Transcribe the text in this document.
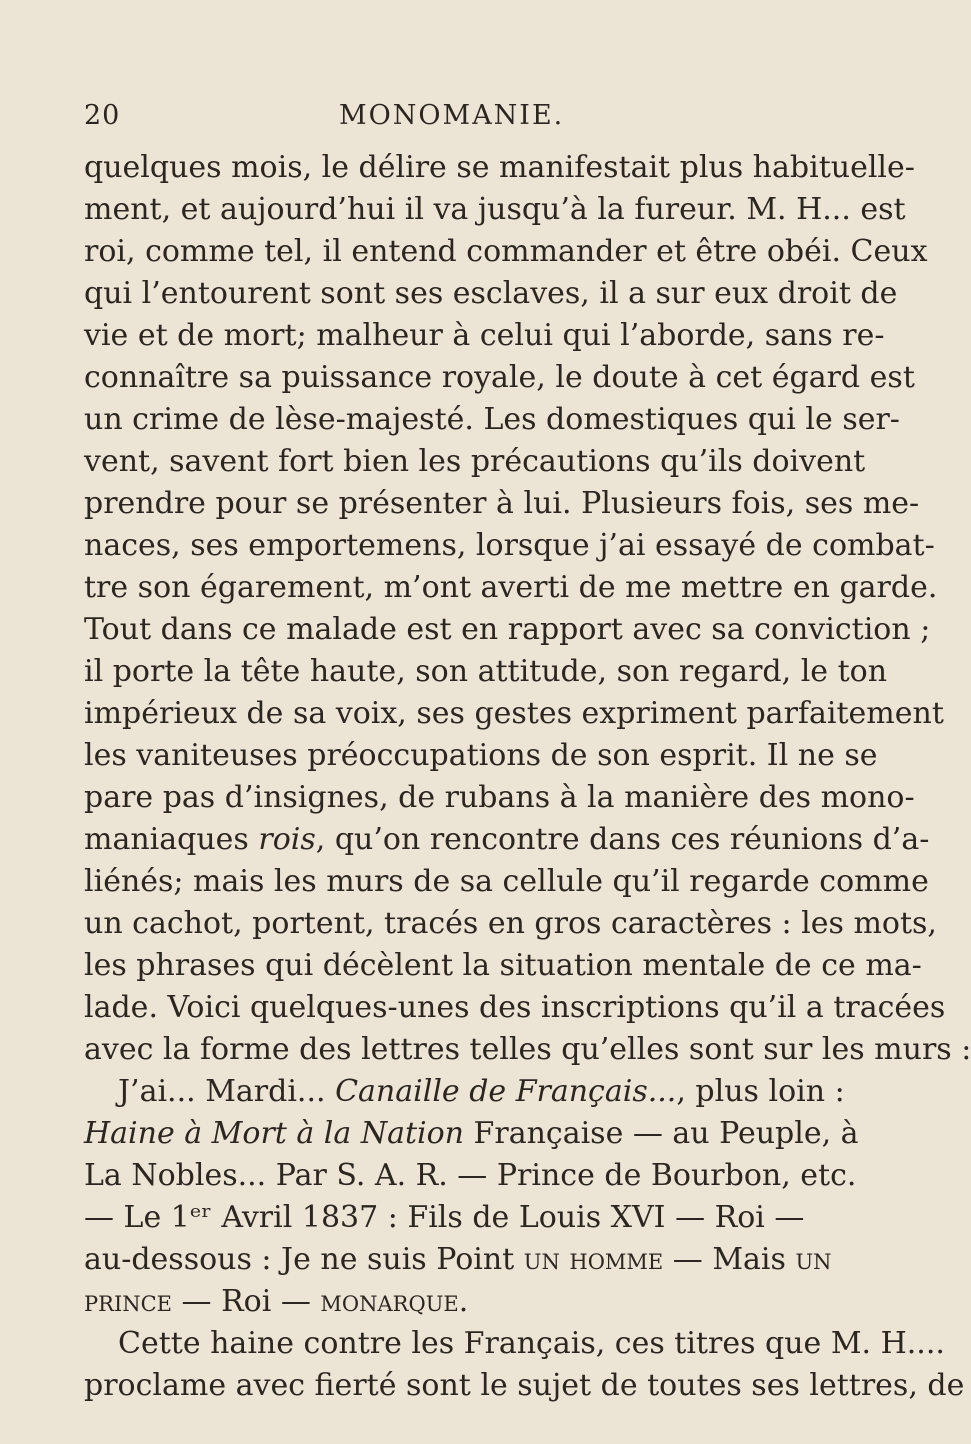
20	MONOMANIE.
quelques mois, le délire se manifestait plus habituelle-
ment, et aujourd’hui il va jusqu’à la fureur. M. H... est
roi, comme tel, il entend commander et être obéi. Ceux
qui l’entourent sont ses esclaves, il a sur eux droit de
vie et de mort; malheur à celui qui l’aborde, sans re-
connaître sa puissance royale, le doute à cet égard est
un crime de lèse-majesté. Les domestiques qui le ser-
vent, savent fort bien les précautions qu’ils doivent
prendre pour se présenter à lui. Plusieurs fois, ses me-
naces, ses emportemens, lorsque j’ai essayé de combat-
tre son égarement, m’ont averti de me mettre en garde.
Tout dans ce malade est en rapport avec sa conviction ;
il porte la tête haute, son attitude, son regard, le ton
impérieux de sa voix, ses gestes expriment parfaitement
les vaniteuses préoccupations de son esprit. Il ne se
pare pas d’insignes, de rubans à la manière des mono-
maniaques rois, qu’on rencontre dans ces réunions d’a-
liénés; mais les murs de sa cellule qu’il regarde comme
un cachot, portent, tracés en gros caractères : les mots,
les phrases qui décèlent la situation mentale de ce ma-
lade. Voici quelques-unes des inscriptions qu’il a tracées
avec la forme des lettres telles qu’elles sont sur les murs :
J’ai... Mardi... Canaille de Français..., plus loin :
Haine à Mort à la Nation Française — au Peuple, à
La Nobles... Par S. A. R. — Prince de Bourbon, etc.
— Le 1ᵉʳ Avril 1837 : Fils de Louis XVI — Roi —
au-dessous : Je ne suis Point un homme — Mais un
prince — Roi — monarque.
Cette haine contre les Français, ces titres que M. H....
proclame avec fierté sont le sujet de toutes ses lettres, de
